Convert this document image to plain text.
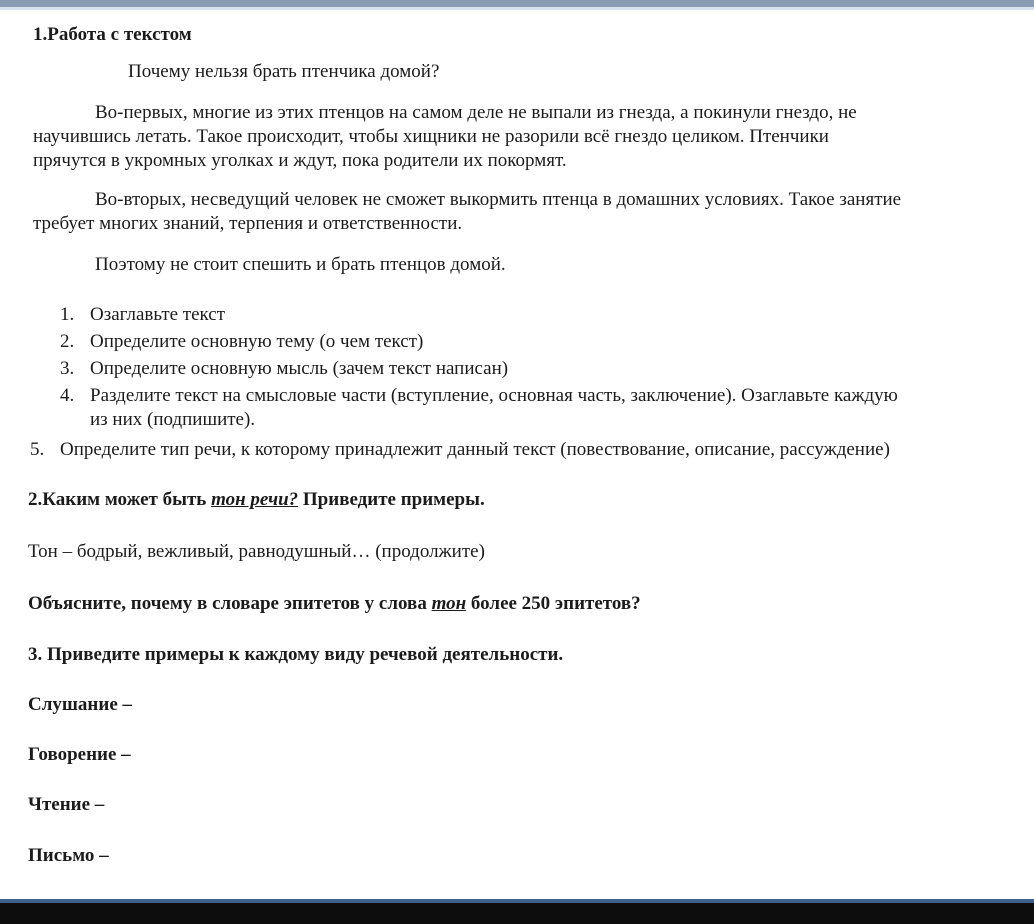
1.Работа с текстом
Почему нельзя брать птенчика домой?
Во-первых, многие из этих птенцов на самом деле не выпали из гнезда, а покинули гнездо, не
научившись летать. Такое происходит, чтобы хищники не разорили всё гнездо целиком. Птенчики
прячутся в укромных уголках и ждут, пока родители их покормят.
Во-вторых, несведущий человек не сможет выкормить птенца в домашних условиях. Такое занятие
требует многих знаний, терпения и ответственности.
Поэтому не стоит спешить и брать птенцов домой.
1. Озаглавьте текст
2. Определите основную тему (о чем текст)
3. Определите основную мысль (зачем текст написан)
4. Разделите текст на смысловые части (вступление, основная часть, заключение). Озаглавьте каждую
из них (подпишите).
5. Определите тип речи, к которому принадлежит данный текст (повествование, описание, рассуждение)
2.Каким может быть тон речи? Приведите примеры.
Тон – бодрый, вежливый, равнодушный… (продолжите)
Объясните, почему в словаре эпитетов у слова тон более 250 эпитетов?
3. Приведите примеры к каждому виду речевой деятельности.
Слушание –
Говорение –
Чтение –
Письмо –
